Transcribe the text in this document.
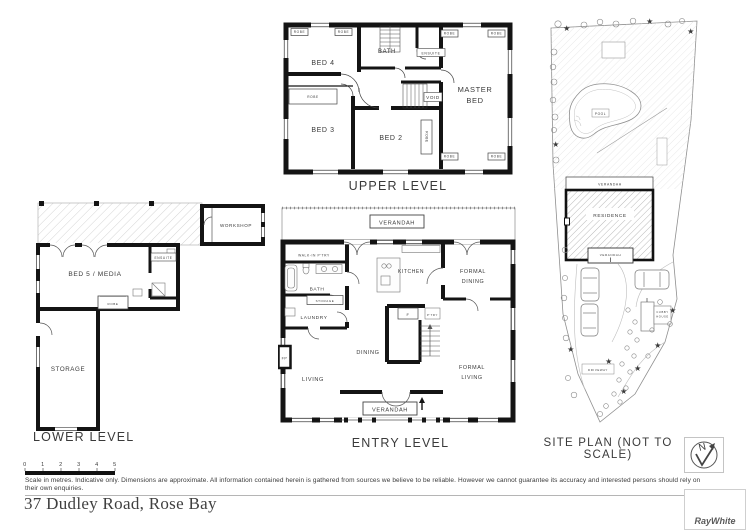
ROBE	ROBE	ROBE	ROBE
ROBE
ROBE
ROBE	ROBE
BED 4
BATH	ENSUITE
MASTER
BED
VOID
BED 3
BED 2
UPPER LEVEL
WORKSHOP
ROBE
BED 5 / MEDIA
ENSUITE
STORAGE
LOWER LEVEL
VERANDAH
VERANDAH
FP
WALK-IN P'TRY
BATH
STORAGE
LAUNDRY
KITCHEN	FORMAL
DINING
F	P'TRY
DINING
LIVING
FORMAL
LIVING
ENTRY LEVEL
POOL
VERANDAH
RESIDENCE
VERANDAH
CUBBY
HOUSE
DRIVEWAY
★
★
★
★
★	★
★
★
★
★
SITE PLAN (NOT TO SCALE)
N
0	1	2	3	4	5
Scale in metres. Indicative only. Dimensions are approximate. All information contained herein is gathered from sources we believe to be reliable. However we cannot guarantee its accuracy and interested persons should rely on their own enquiries.
37 Dudley Road, Rose Bay
RayWhite
